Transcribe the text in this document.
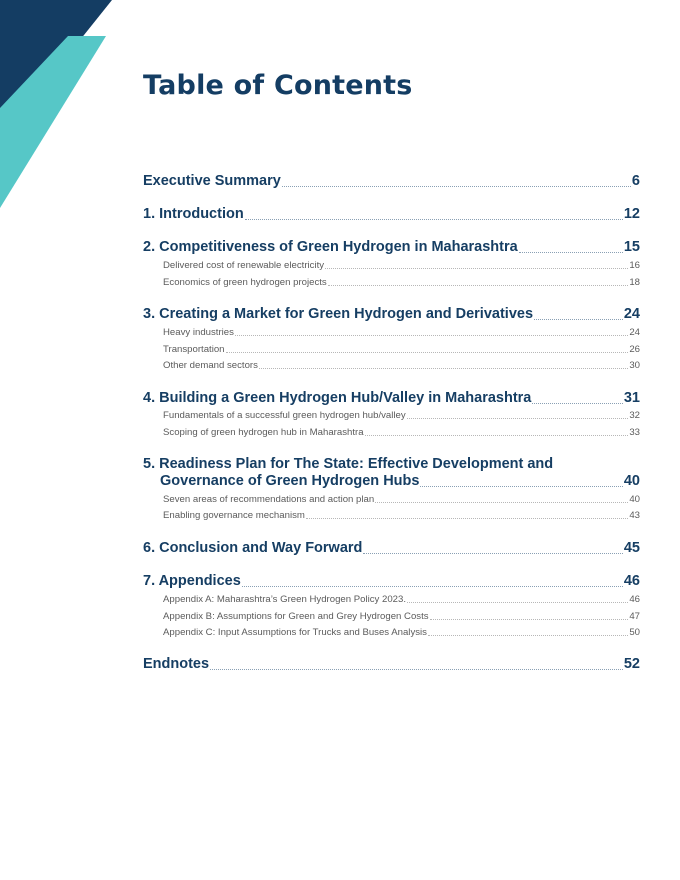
Table of Contents
Executive Summary	6
1. Introduction	12
2. Competitiveness of Green Hydrogen in Maharashtra	15
Delivered cost of renewable electricity	16
Economics of green hydrogen projects	18
3. Creating a Market for Green Hydrogen and Derivatives	24
Heavy industries	24
Transportation	26
Other demand sectors	30
4. Building a Green Hydrogen Hub/Valley in Maharashtra	31
Fundamentals of a successful green hydrogen hub/valley	32
Scoping of green hydrogen hub in Maharashtra	33
5. Readiness Plan for The State: Effective Development and
Governance of Green Hydrogen Hubs	40
Seven areas of recommendations and action plan	40
Enabling governance mechanism	43
6. Conclusion and Way Forward	45
7. Appendices	46
Appendix A: Maharashtra’s Green Hydrogen Policy 2023.	46
Appendix B: Assumptions for Green and Grey Hydrogen Costs	47
Appendix C: Input Assumptions for Trucks and Buses Analysis	50
Endnotes	52
